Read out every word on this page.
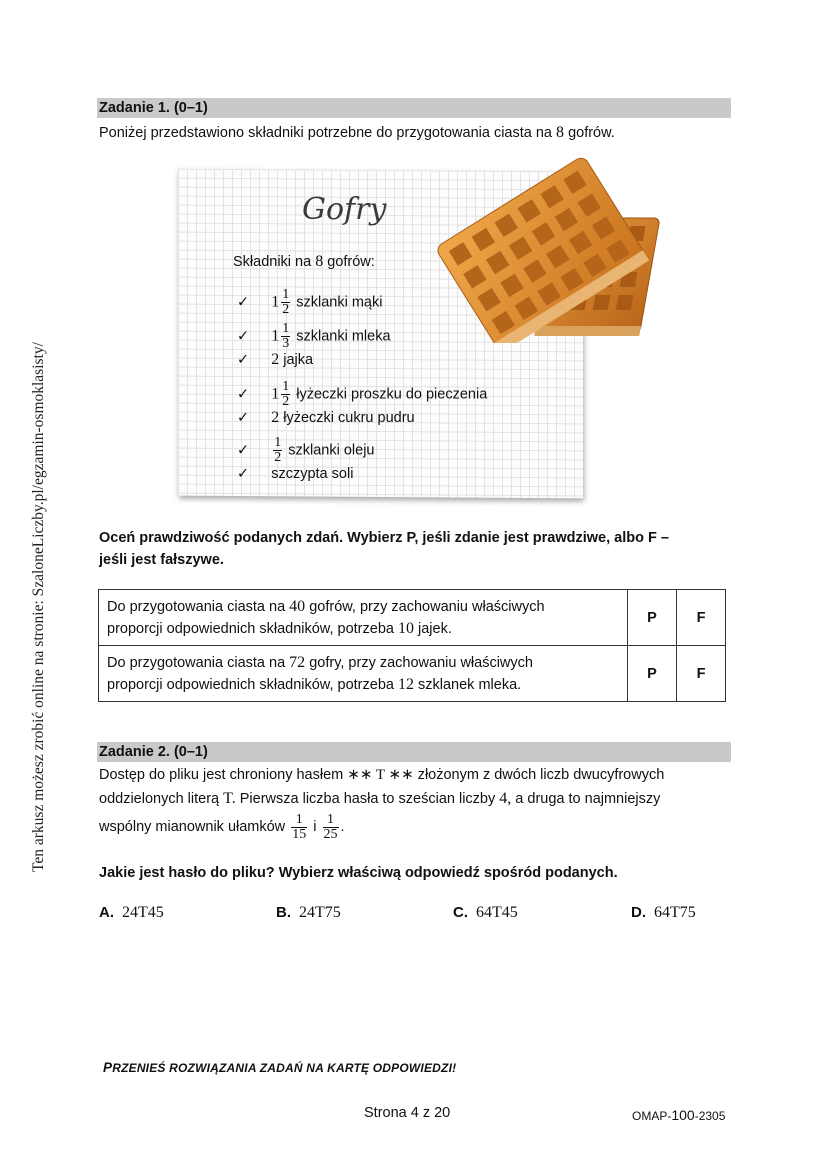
Ten arkusz możesz zrobić online na stronie: SzaloneLiczby.pl/egzamin-osmoklasisty/
Zadanie 1. (0–1)
Poniżej przedstawiono składniki potrzebne do przygotowania ciasta na 8 gofrów.
Gofry
Składniki na 8 gofrów:
✓ $1 \frac{1}{2}$ szklanki mąki
✓ $1 \frac{1}{3}$ szklanki mleka
✓ 2 jajka
✓ $1 \frac{1}{2}$ łyżeczki proszku do pieczenia
✓ 2 łyżeczki cukru pudru
✓ $\frac{1}{2}$ szklanki oleju
✓ szczypta soli
Oceń prawdziwość podanych zdań. Wybierz P, jeśli zdanie jest prawdziwe, albo F –
jeśli jest fałszywe.
Do przygotowania ciasta na 40 gofrów, przy zachowaniu właściwych
proporcji odpowiednich składników, potrzeba 10 jajek.	P	F

Do przygotowania ciasta na 72 gofry, przy zachowaniu właściwych
proporcji odpowiednich składników, potrzeba 12 szklanek mleka.	P	F
Zadanie 2. (0–1)
Dostęp do pliku jest chroniony hasłem ∗∗ T ∗∗ złożonym z dwóch liczb dwucyfrowych
oddzielonych literą T. Pierwsza liczba hasła to sześcian liczby 4, a druga to najmniejszy
wspólny mianownik ułamków $\frac{1}{15}$ i $\frac{1}{25}$ .
Jakie jest hasło do pliku? Wybierz właściwą odpowiedź spośród podanych.
A. 24T45	B. 24T75	C. 64T45	D. 64T75
PRZENIEŚ ROZWIĄZANIA ZADAŃ NA KARTĘ ODPOWIEDZI!
Strona 4 z 20	OMAP-100-2305
